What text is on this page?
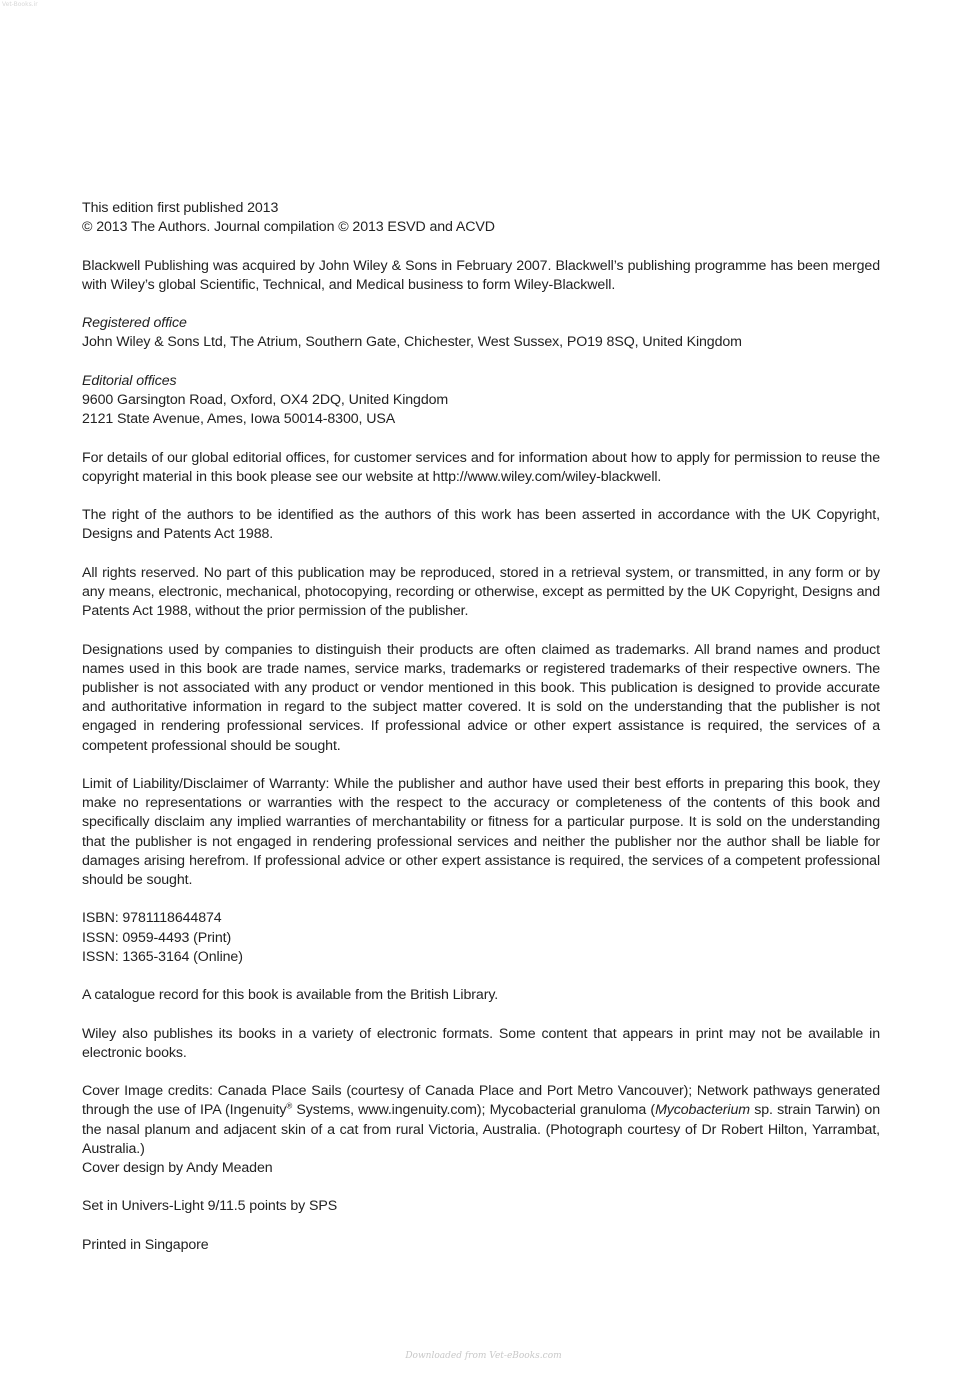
Vet-Books.ir

This edition first published 2013
© 2013 The Authors. Journal compilation © 2013 ESVD and ACVD

Blackwell Publishing was acquired by John Wiley & Sons in February 2007. Blackwell’s publishing programme has been merged with Wiley’s global Scientific, Technical, and Medical business to form Wiley-Blackwell.

Registered office
John Wiley & Sons Ltd, The Atrium, Southern Gate, Chichester, West Sussex, PO19 8SQ, United Kingdom

Editorial offices
9600 Garsington Road, Oxford, OX4 2DQ, United Kingdom
2121 State Avenue, Ames, Iowa 50014-8300, USA

For details of our global editorial offices, for customer services and for information about how to apply for permission to reuse the copyright material in this book please see our website at http://www.wiley.com/wiley-blackwell.

The right of the authors to be identified as the authors of this work has been asserted in accordance with the UK Copyright, Designs and Patents Act 1988.

All rights reserved. No part of this publication may be reproduced, stored in a retrieval system, or transmitted, in any form or by any means, electronic, mechanical, photocopying, recording or otherwise, except as permitted by the UK Copyright, Designs and Patents Act 1988, without the prior permission of the publisher.

Designations used by companies to distinguish their products are often claimed as trademarks. All brand names and product names used in this book are trade names, service marks, trademarks or registered trademarks of their respective owners. The publisher is not associated with any product or vendor mentioned in this book. This publication is designed to provide accurate and authoritative information in regard to the subject matter covered. It is sold on the understanding that the publisher is not engaged in rendering professional services. If professional advice or other expert assistance is required, the services of a competent professional should be sought.

Limit of Liability/Disclaimer of Warranty: While the publisher and author have used their best efforts in preparing this book, they make no representations or warranties with the respect to the accuracy or completeness of the contents of this book and specifically disclaim any implied warranties of merchantability or fitness for a particular purpose. It is sold on the understanding that the publisher is not engaged in rendering professional services and neither the publisher nor the author shall be liable for damages arising herefrom. If professional advice or other expert assistance is required, the services of a competent professional should be sought.

ISBN: 9781118644874
ISSN: 0959-4493 (Print)
ISSN: 1365-3164 (Online)

A catalogue record for this book is available from the British Library.

Wiley also publishes its books in a variety of electronic formats. Some content that appears in print may not be available in electronic books.

Cover Image credits: Canada Place Sails (courtesy of Canada Place and Port Metro Vancouver); Network pathways generated through the use of IPA (Ingenuity® Systems, www.ingenuity.com); Mycobacterial granuloma (Mycobacterium sp. strain Tarwin) on the nasal planum and adjacent skin of a cat from rural Victoria, Australia. (Photograph courtesy of Dr Robert Hilton, Yarrambat, Australia.)
Cover design by Andy Meaden

Set in Univers-Light 9/11.5 points by SPS

Printed in Singapore

Downloaded from Vet-eBooks.com
